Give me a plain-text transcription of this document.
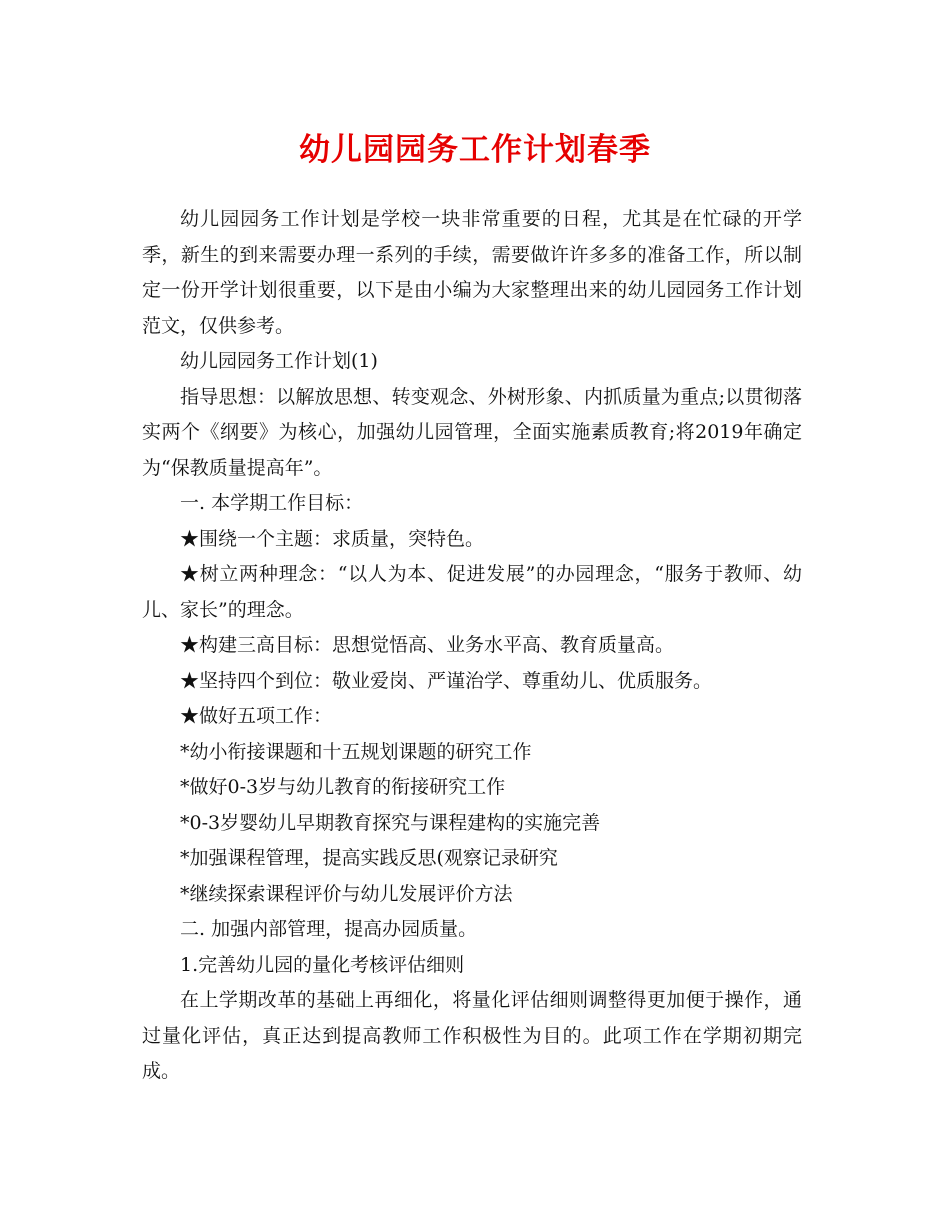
幼儿园园务工作计划春季

幼儿园园务工作计划是学校一块非常重要的日程，尤其是在忙碌的开学季，新生的到来需要办理一系列的手续，需要做许许多多的准备工作，所以制定一份开学计划很重要，以下是由小编为大家整理出来的幼儿园园务工作计划范文，仅供参考。

幼儿园园务工作计划(1)

指导思想：以解放思想、转变观念、外树形象、内抓质量为重点;以贯彻落实两个《纲要》为核心，加强幼儿园管理，全面实施素质教育;将2019年确定为“保教质量提高年”。

一. 本学期工作目标：

★围绕一个主题：求质量，突特色。

★树立两种理念：“以人为本、促进发展”的办园理念，“服务于教师、幼儿、家长”的理念。

★构建三高目标：思想觉悟高、业务水平高、教育质量高。

★坚持四个到位：敬业爱岗、严谨治学、尊重幼儿、优质服务。

★做好五项工作：

*幼小衔接课题和十五规划课题的研究工作

*做好0-3岁与幼儿教育的衔接研究工作

*0-3岁婴幼儿早期教育探究与课程建构的实施完善

*加强课程管理，提高实践反思(观察记录研究

*继续探索课程评价与幼儿发展评价方法

二. 加强内部管理，提高办园质量。

1.完善幼儿园的量化考核评估细则

在上学期改革的基础上再细化，将量化评估细则调整得更加便于操作，通过量化评估，真正达到提高教师工作积极性为目的。此项工作在学期初期完成。
